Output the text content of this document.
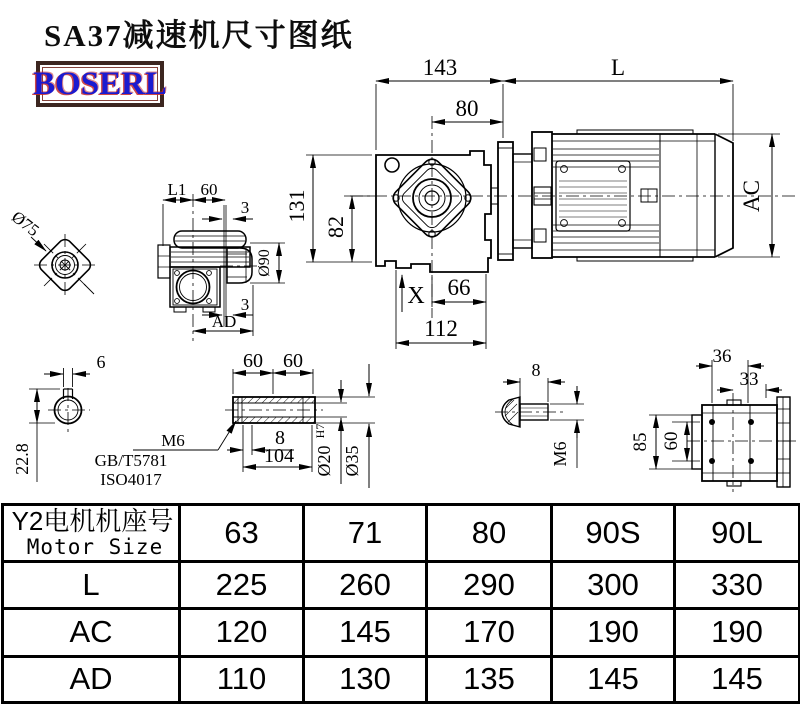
SA37减速机尺寸图纸
BOSERL	143	L
80
131
82
AC
X 66
112
L1 60
3
Ø90
3
AD
Ø75
6
22.8
60 60
8
104 Ø20
H7
Ø35
M6
GB/T5781
ISO4017
8
M6
36
33
85 60
Y2电机机座号
Motor Size	63	71	80	90S	90L
L	225	260	290	300	330
AC	120	145	170	190	190
AD	110	130	135	145	145
